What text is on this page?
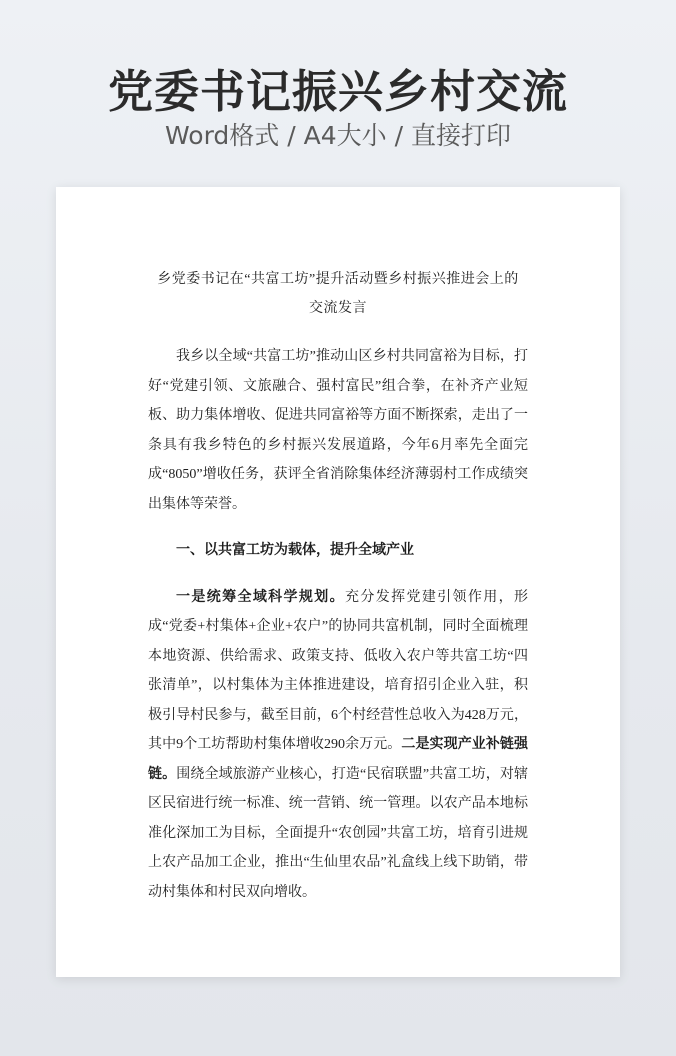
党委书记振兴乡村交流
Word格式 / A4大小 / 直接打印
乡党委书记在“共富工坊”提升活动暨乡村振兴推进会上的
交流发言

我乡以全域“共富工坊”推动山区乡村共同富裕为目标，打好“党建引领、文旅融合、强村富民”组合拳，在补齐产业短板、助力集体增收、促进共同富裕等方面不断探索，走出了一条具有我乡特色的乡村振兴发展道路，今年6月率先全面完成“8050”增收任务，获评全省消除集体经济薄弱村工作成绩突出集体等荣誉。

一、以共富工坊为载体，提升全域产业

一是统筹全域科学规划。充分发挥党建引领作用，形成“党委+村集体+企业+农户”的协同共富机制，同时全面梳理本地资源、供给需求、政策支持、低收入农户等共富工坊“四张清单”，以村集体为主体推进建设，培育招引企业入驻，积极引导村民参与，截至目前，6个村经营性总收入为428万元，其中9个工坊帮助村集体增收290余万元。二是实现产业补链强链。围绕全域旅游产业核心，打造“民宿联盟”共富工坊，对辖区民宿进行统一标准、统一营销、统一管理。以农产品本地标准化深加工为目标，全面提升“农创园”共富工坊，培育引进规上农产品加工企业，推出“生仙里农品”礼盒线上线下助销，带动村集体和村民双向增收。
